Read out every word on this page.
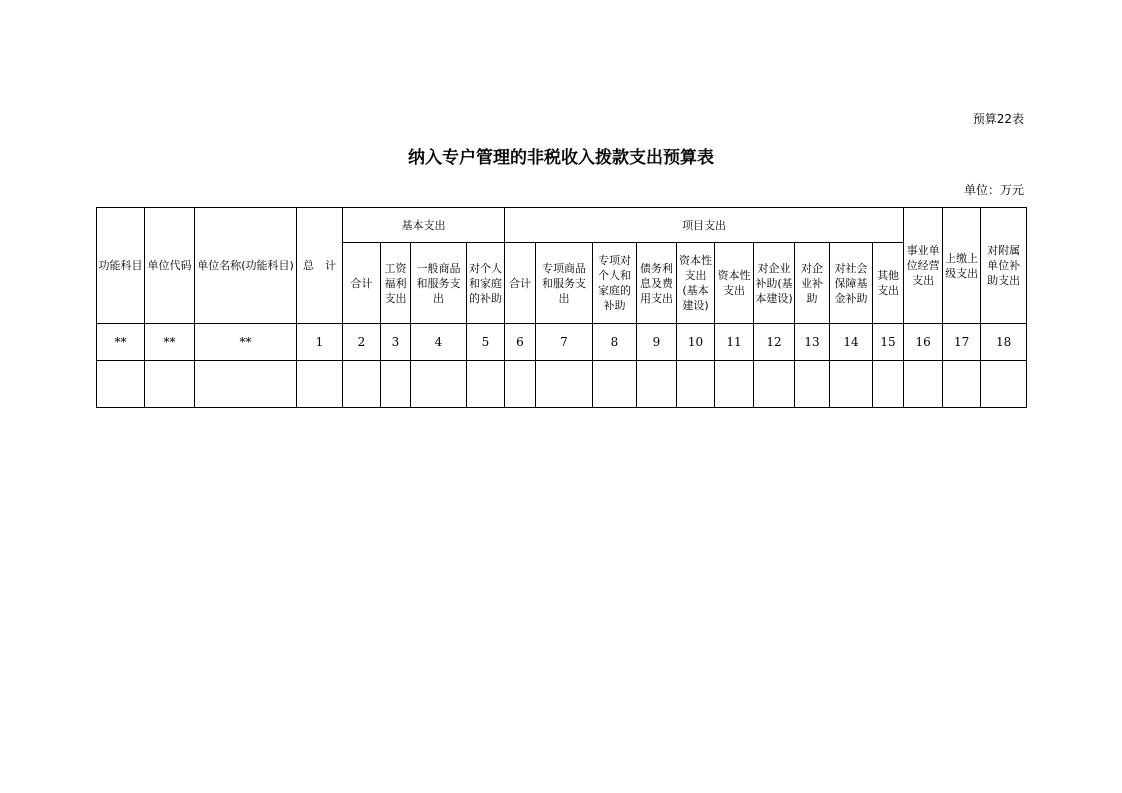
预算22表
纳入专户管理的非税收入拨款支出预算表
单位：万元
功能科目	单位代码	单位名称(功能科目)	总　计	基本支出				项目支出										事业单位经营支出	上缴上级支出	对附属单位补助支出
				合计	工资福利支出	一般商品和服务支出	对个人和家庭的补助	合计	专项商品和服务支出	专项对个人和家庭的补助	债务利息及费用支出	资本性支出(基本建设)	资本性支出	对企业补助(基本建设)	对企业补助	对社会保障基金补助	其他支出			
**	**	**	1	2	3	4	5	6	7	8	9	10	11	12	13	14	15	16	17	18
